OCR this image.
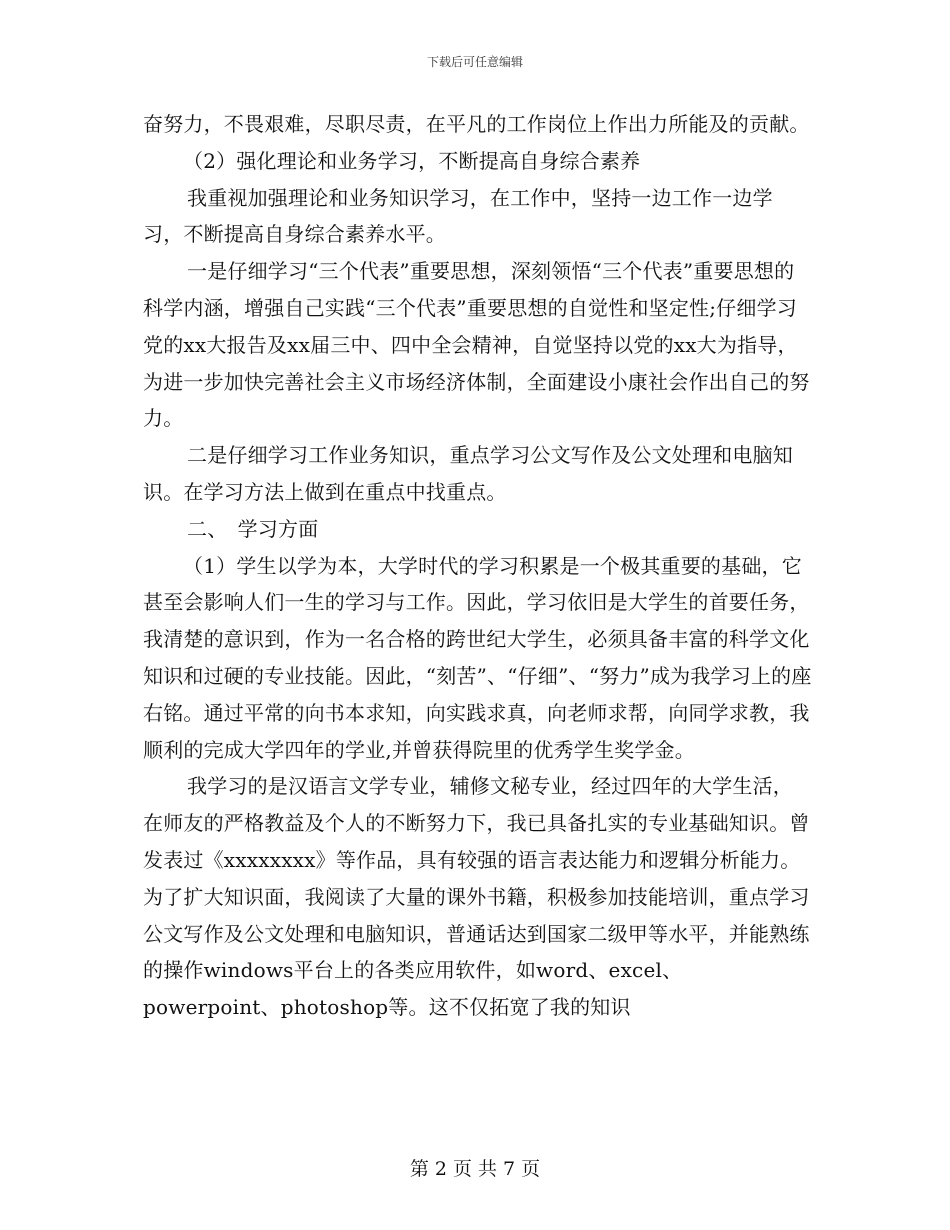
下载后可任意编辑

奋努力，不畏艰难，尽职尽责，在平凡的工作岗位上作出力所能及的贡献。

（2）强化理论和业务学习，不断提高自身综合素养

我重视加强理论和业务知识学习，在工作中，坚持一边工作一边学习，不断提高自身综合素养水平。

一是仔细学习“三个代表”重要思想，深刻领悟“三个代表”重要思想的科学内涵，增强自己实践“三个代表”重要思想的自觉性和坚定性;仔细学习党的xx大报告及xx届三中、四中全会精神，自觉坚持以党的xx大为指导，为进一步加快完善社会主义市场经济体制，全面建设小康社会作出自己的努力。

二是仔细学习工作业务知识，重点学习公文写作及公文处理和电脑知识。在学习方法上做到在重点中找重点。

二、　学习方面

（1）学生以学为本，大学时代的学习积累是一个极其重要的基础，它甚至会影响人们一生的学习与工作。因此，学习依旧是大学生的首要任务，我清楚的意识到，作为一名合格的跨世纪大学生，必须具备丰富的科学文化知识和过硬的专业技能。因此，“刻苦”、“仔细”、“努力”成为我学习上的座右铭。通过平常的向书本求知，向实践求真，向老师求帮，向同学求教，我顺利的完成大学四年的学业,并曾获得院里的优秀学生奖学金。

我学习的是汉语言文学专业，辅修文秘专业，经过四年的大学生活，在师友的严格教益及个人的不断努力下，我已具备扎实的专业基础知识。曾发表过《xxxxxxxx》等作品，具有较强的语言表达能力和逻辑分析能力。为了扩大知识面，我阅读了大量的课外书籍，积极参加技能培训，重点学习公文写作及公文处理和电脑知识，普通话达到国家二级甲等水平，并能熟练的操作windows平台上的各类应用软件，如word、excel、powerpoint、photoshop等。这不仅拓宽了我的知识

第 2 页 共 7 页
